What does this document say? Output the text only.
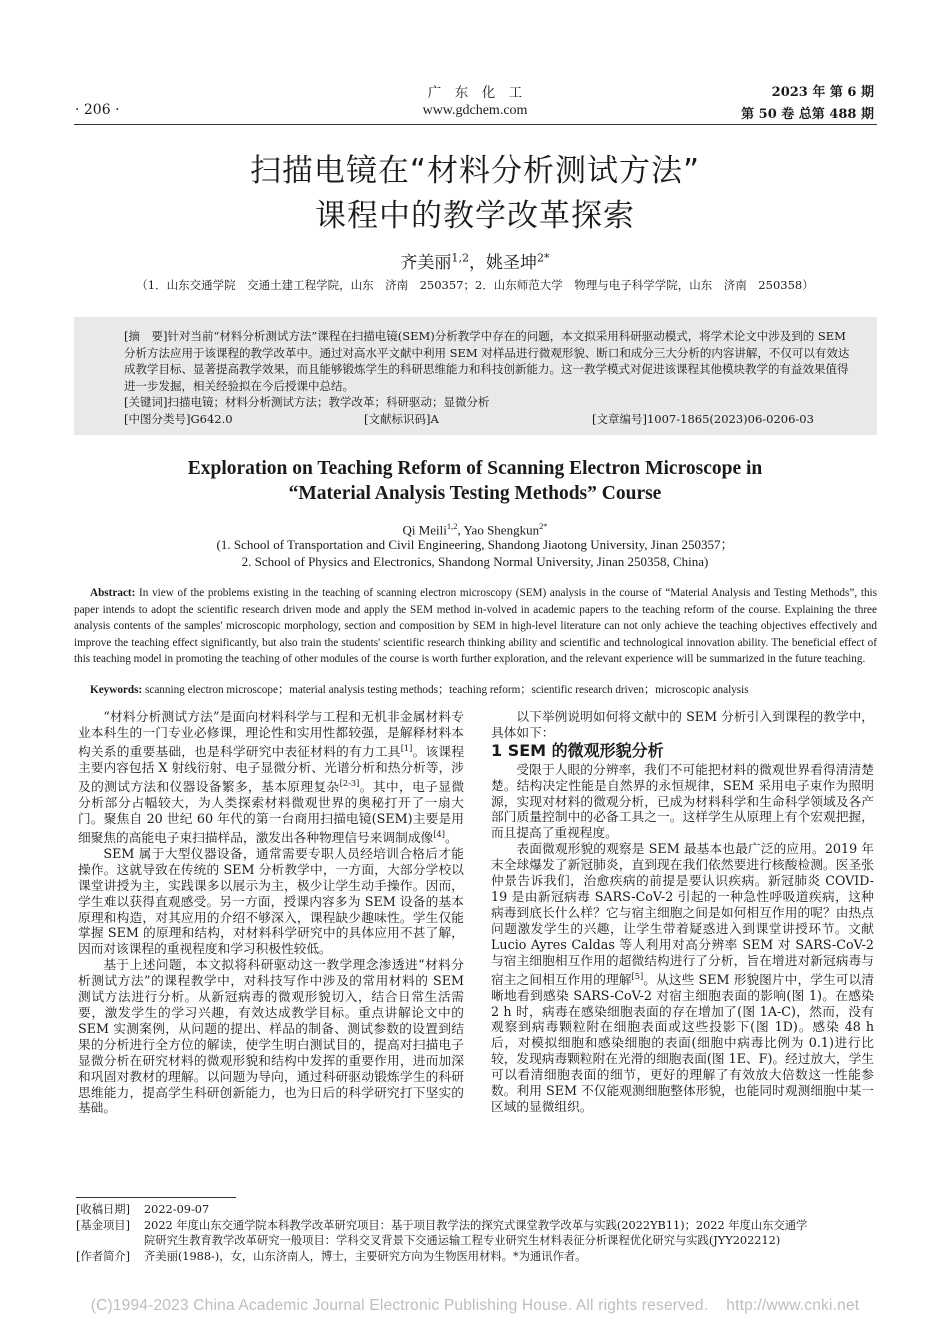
广　东　化　工
www.gdchem.com
· 206 ·
2023 年 第 6 期
第 50 卷 总第 488 期
扫描电镜在“材料分析测试方法”
课程中的教学改革探索
齐美丽$^{1,2}$，姚圣坤$^{2*}$
（1．山东交通学院　交通土建工程学院，山东　济南　250357；2．山东师范大学　物理与电子科学学院，山东　济南　250358）
[摘　要]针对当前“材料分析测试方法”课程在扫描电镜(SEM)分析教学中存在的问题，本文拟采用科研驱动模式，将学术论文中涉及到的 SEM 分析方法应用于该课程的教学改革中。通过对高水平文献中利用 SEM 对样品进行微观形貌、断口和成分三大分析的内容讲解，不仅可以有效达成教学目标、显著提高教学效果，而且能够锻炼学生的科研思维能力和科技创新能力。这一教学模式对促进该课程其他模块教学的有益效果值得进一步发掘，相关经验拟在今后授课中总结。
[关键词]扫描电镜；材料分析测试方法；教学改革；科研驱动；显微分析
[中图分类号]G642.0	[文献标识码]A	[文章编号]1007-1865(2023)06-0206-03
Exploration on Teaching Reform of Scanning Electron Microscope in
“Material Analysis Testing Methods” Course
Qi Meili$^{1,2}$, Yao Shengkun$^{2*}$
(1. School of Transportation and Civil Engineering, Shandong Jiaotong University, Jinan 250357；
2. School of Physics and Electronics, Shandong Normal University, Jinan 250358, China)
Abstract: In view of the problems existing in the teaching of scanning electron microscopy (SEM) analysis in the course of “Material Analysis and Testing Methods”, this paper intends to adopt the scientific research driven mode and apply the SEM method in-volved in academic papers to the teaching reform of the course. Explaining the three analysis contents of the samples' microscopic morphology, section and composition by SEM in high-level literature can not only achieve the teaching objectives effectively and improve the teaching effect significantly, but also train the students' scientific research thinking ability and scientific and technological innovation ability. The beneficial effect of this teaching model in promoting the teaching of other modules of the course is worth further exploration, and the relevant experience will be summarized in the future teaching.
Keywords: scanning electron microscope；material analysis testing methods；teaching reform；scientific research driven；microscopic analysis

“材料分析测试方法”是面向材料科学与工程和无机非金属材料专业本科生的一门专业必修课，理论性和实用性都较强，是解释材料本构关系的重要基础，也是科学研究中表征材料的有力工具[1]。该课程主要内容包括 X 射线衍射、电子显微分析、光谱分析和热分析等，涉及的测试方法和仪器设备繁多，基本原理复杂[2-3]。其中，电子显微分析部分占幅较大，为人类探索材料微观世界的奥秘打开了一扇大门。聚焦自 20 世纪 60 年代的第一台商用扫描电镜(SEM)主要是用细聚焦的高能电子束扫描样品，激发出各种物理信号来调制成像[4]。

SEM 属于大型仪器设备，通常需要专职人员经培训合格后才能操作。这就导致在传统的 SEM 分析教学中，一方面，大部分学校以课堂讲授为主，实践课多以展示为主，极少让学生动手操作。因而，学生难以获得直观感受。另一方面，授课内容多为 SEM 设备的基本原理和构造，对其应用的介绍不够深入，课程缺少趣味性。学生仅能掌握 SEM 的原理和结构，对材料科学研究中的具体应用不甚了解，因而对该课程的重视程度和学习积极性较低。

基于上述问题，本文拟将科研驱动这一教学理念渗透进“材料分析测试方法”的课程教学中，对科技写作中涉及的常用材料的 SEM 测试方法进行分析。从新冠病毒的微观形貌切入，结合日常生活需要，激发学生的学习兴趣，有效达成教学目标。重点讲解论文中的 SEM 实测案例，从问题的提出、样品的制备、测试参数的设置到结果的分析进行全方位的解读，使学生明白测试目的，提高对扫描电子显微分析在研究材料的微观形貌和结构中发挥的重要作用，进而加深和巩固对教材的理解。以问题为导向，通过科研驱动锻炼学生的科研思维能力，提高学生科研创新能力，也为日后的科学研究打下坚实的基础。

以下举例说明如何将文献中的 SEM 分析引入到课程的教学中，具体如下：

1 SEM 的微观形貌分析

受限于人眼的分辨率，我们不可能把材料的微观世界看得清清楚楚。结构决定性能是自然界的永恒规律，SEM 采用电子束作为照明源，实现对材料的微观分析，已成为材料科学和生命科学领域及各产部门质量控制中的必备工具之一。这样学生从原理上有个宏观把握，而且提高了重视程度。

表面微观形貌的观察是 SEM 最基本也最广泛的应用。2019 年末全球爆发了新冠肺炎，直到现在我们依然要进行核酸检测。医圣张仲景告诉我们，治愈疾病的前提是要认识疾病。新冠肺炎 COVID-19 是由新冠病毒 SARS-CoV-2 引起的一种急性呼吸道疾病，这种病毒到底长什么样？它与宿主细胞之间是如何相互作用的呢？由热点问题激发学生的兴趣，让学生带着疑惑进入到课堂讲授环节。文献 Lucio Ayres Caldas 等人利用对高分辨率 SEM 对 SARS-CoV-2 与宿主细胞相互作用的超微结构进行了分析，旨在增进对新冠病毒与宿主之间相互作用的理解[5]。从这些 SEM 形貌图片中，学生可以清晰地看到感染 SARS-CoV-2 对宿主细胞表面的影响(图 1)。在感染 2 h 时，病毒在感染细胞表面的存在增加了(图 1A-C)，然而，没有观察到病毒颗粒附在细胞表面或这些投影下(图 1D)。感染 48 h 后，对模拟细胞和感染细胞的表面(细胞中病毒比例为 0.1)进行比较，发现病毒颗粒附在光滑的细胞表面(图 1E、F)。经过放大，学生可以看清细胞表面的细节，更好的理解了有效放大倍数这一性能参数。利用 SEM 不仅能观测细胞整体形貌，也能同时观测细胞中某一区域的显微组织。

[收稿日期] 2022-09-07
[基金项目] 2022 年度山东交通学院本科教学改革研究项目：基于项目教学法的探究式课堂教学改革与实践(2022YB11)；2022 年度山东交通学
院研究生教育教学改革研究一般项目：学科交叉背景下交通运输工程专业研究生材料表征分析课程优化研究与实践(JYY202212)
[作者简介] 齐美丽(1988-)，女，山东济南人，博士，主要研究方向为生物医用材料。*为通讯作者。
(C)1994-2023 China Academic Journal Electronic Publishing House. All rights reserved.    http://www.cnki.net
